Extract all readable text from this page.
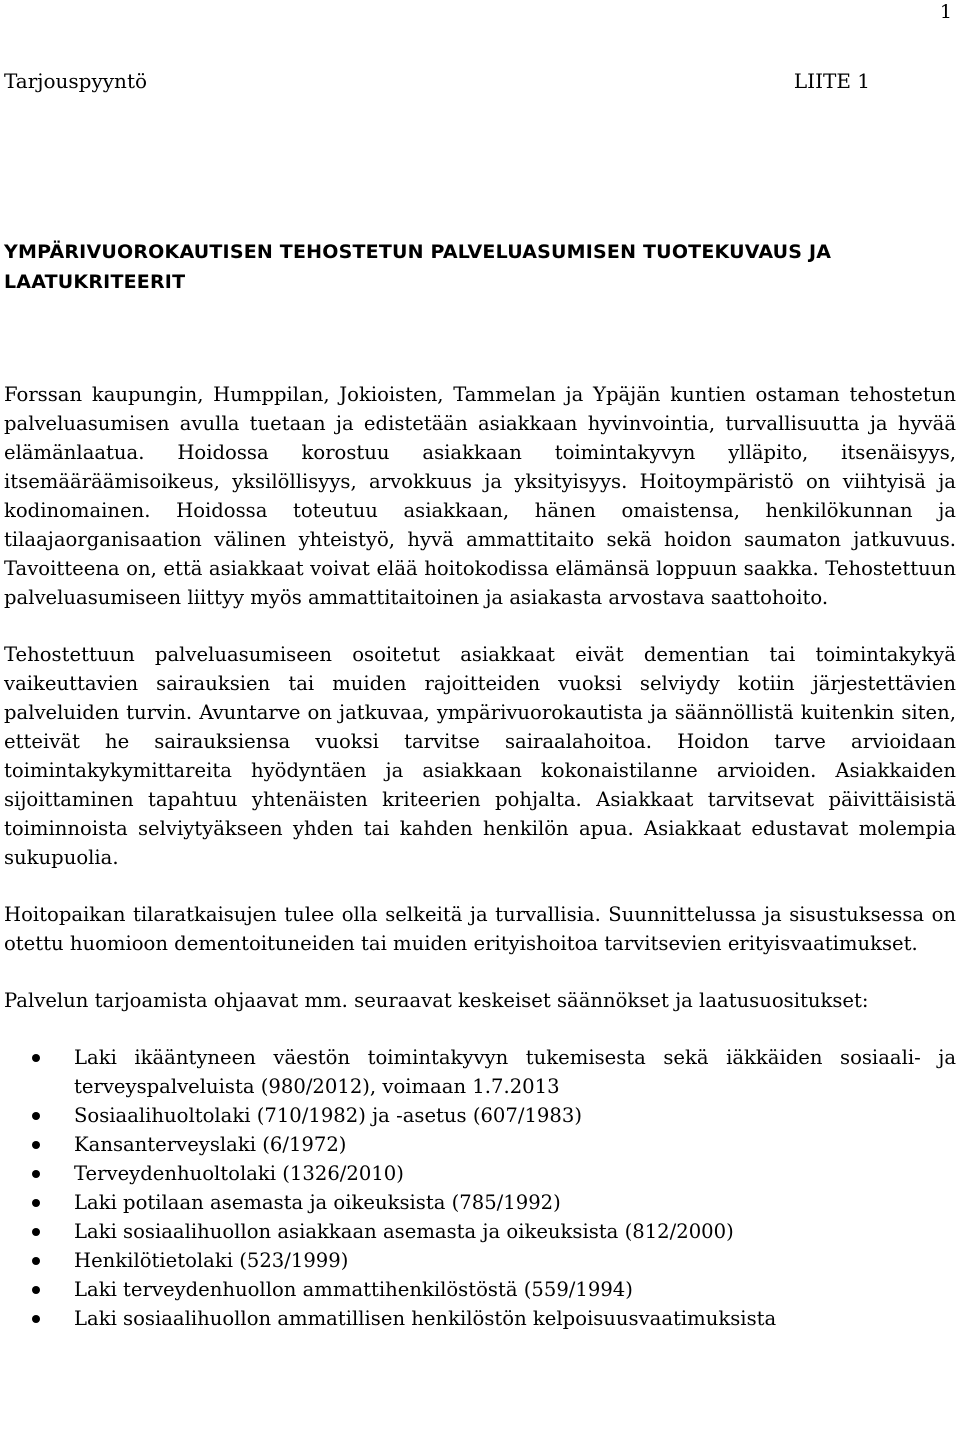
1
Tarjouspyyntö	LIITE 1
YMPÄRIVUOROKAUTISEN TEHOSTETUN PALVELUASUMISEN TUOTEKUVAUS JA LAATUKRITEERIT

Forssan kaupungin, Humppilan, Jokioisten, Tammelan ja Ypäjän kuntien ostaman tehostetun palveluasumisen avulla tuetaan ja edistetään asiakkaan hyvinvointia, turvallisuutta ja hyvää elämänlaatua. Hoidossa korostuu asiakkaan toimintakyvyn ylläpito, itsenäisyys, itsemääräämisoikeus, yksilöllisyys, arvokkuus ja yksityisyys. Hoitoympäristö on viihtyisä ja kodinomainen. Hoidossa toteutuu asiakkaan, hänen omaistensa, henkilökunnan ja tilaajaorganisaation välinen yhteistyö, hyvä ammattitaito sekä hoidon saumaton jatkuvuus. Tavoitteena on, että asiakkaat voivat elää hoitokodissa elämänsä loppuun saakka. Tehostettuun palveluasumiseen liittyy myös ammattitaitoinen ja asiakasta arvostava saattohoito.

Tehostettuun palveluasumiseen osoitetut asiakkaat eivät dementian tai toimintakykyä vaikeuttavien sairauksien tai muiden rajoitteiden vuoksi selviydy kotiin järjestettävien palveluiden turvin. Avuntarve on jatkuvaa, ympärivuorokautista ja säännöllistä kuitenkin siten, etteivät he sairauksiensa vuoksi tarvitse sairaalahoitoa. Hoidon tarve arvioidaan toimintakykymittareita hyödyntäen ja asiakkaan kokonaistilanne arvioiden. Asiakkaiden sijoittaminen tapahtuu yhtenäisten kriteerien pohjalta. Asiakkaat tarvitsevat päivittäisistä toiminnoista selviytyäkseen yhden tai kahden henkilön apua. Asiakkaat edustavat molempia sukupuolia.

Hoitopaikan tilaratkaisujen tulee olla selkeitä ja turvallisia. Suunnittelussa ja sisustuksessa on otettu huomioon dementoituneiden tai muiden erityishoitoa tarvitsevien erityisvaatimukset.

Palvelun tarjoamista ohjaavat mm. seuraavat keskeiset säännökset ja laatusuositukset:

Laki ikääntyneen väestön toimintakyvyn tukemisesta sekä iäkkäiden sosiaali- ja terveyspalveluista (980/2012), voimaan 1.7.2013
Sosiaalihuoltolaki (710/1982) ja -asetus (607/1983)
Kansanterveyslaki (6/1972)
Terveydenhuoltolaki (1326/2010)
Laki potilaan asemasta ja oikeuksista (785/1992)
Laki sosiaalihuollon asiakkaan asemasta ja oikeuksista (812/2000)
Henkilötietolaki (523/1999)
Laki terveydenhuollon ammattihenkilöstöstä (559/1994)
Laki sosiaalihuollon ammatillisen henkilöstön kelpoisuusvaatimuksista
